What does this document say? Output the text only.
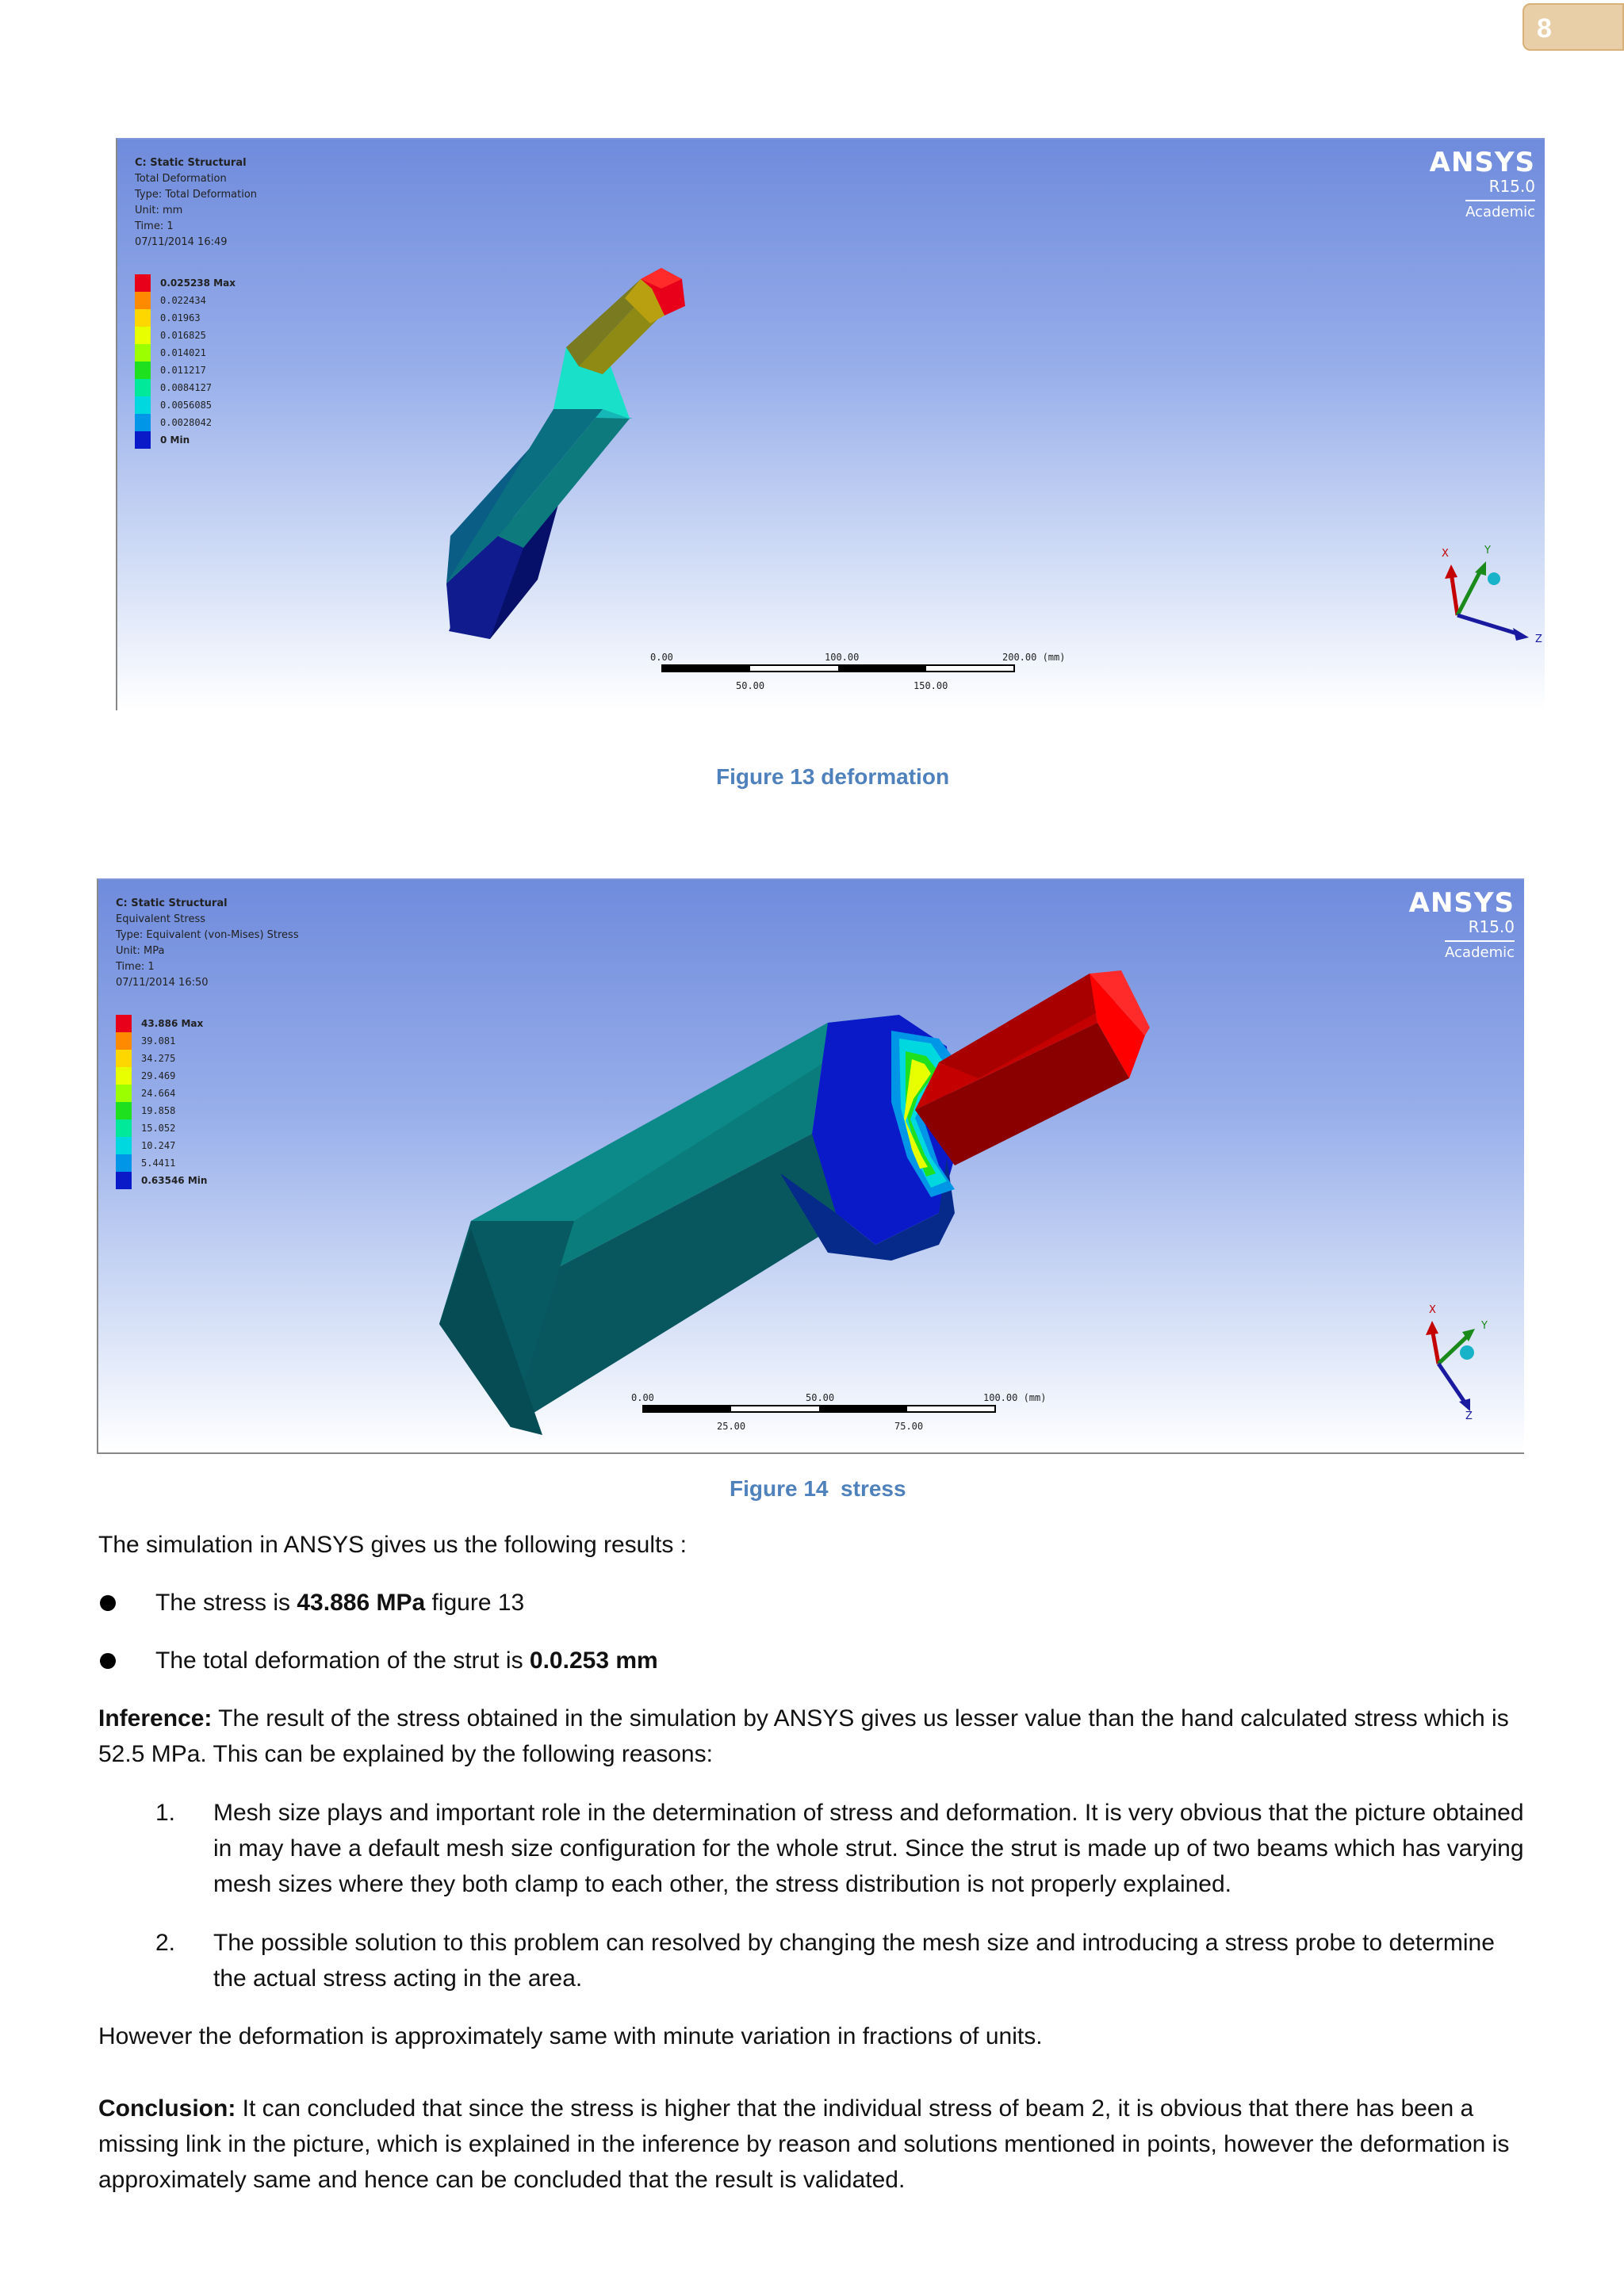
8
C: Static Structural
Total Deformation
Type: Total Deformation
Unit: mm
Time: 1
07/11/2014 16:49
0.025238 Max
0.022434
0.01963
0.016825
0.014021
0.011217
0.0084127
0.0056085
0.0028042
0 Min
ANSYS
R15.0
Academic
0.00	100.00	200.00 (mm)
50.00	150.00
X	Y
Z
Figure 13 deformation
C: Static Structural
Equivalent Stress
Type: Equivalent (von-Mises) Stress
Unit: MPa
Time: 1
07/11/2014 16:50
43.886 Max
39.081
34.275
29.469
24.664
19.858
15.052
10.247
5.4411
0.63546 Min
ANSYS
R15.0
Academic
0.00	50.00	100.00 (mm)
25.00	75.00
X
Y
Z
Figure 14 stress
The simulation in ANSYS gives us the following results :
The stress is 43.886 MPa figure 13
The total deformation of the strut is 0.0.253 mm
Inference: The result of the stress obtained in the simulation by ANSYS gives us lesser value than the hand calculated stress which is 52.5 MPa. This can be explained by the following reasons:
1. Mesh size plays and important role in the determination of stress and deformation. It is very obvious that the picture obtained in may have a default mesh size configuration for the whole strut. Since the strut is made up of two beams which has varying mesh sizes where they both clamp to each other, the stress distribution is not properly explained.
2. The possible solution to this problem can resolved by changing the mesh size and introducing a stress probe to determine the actual stress acting in the area.
However the deformation is approximately same with minute variation in fractions of units.
Conclusion: It can concluded that since the stress is higher that the individual stress of beam 2, it is obvious that there has been a missing link in the picture, which is explained in the inference by reason and solutions mentioned in points, however the deformation is approximately same and hence can be concluded that the result is validated.
